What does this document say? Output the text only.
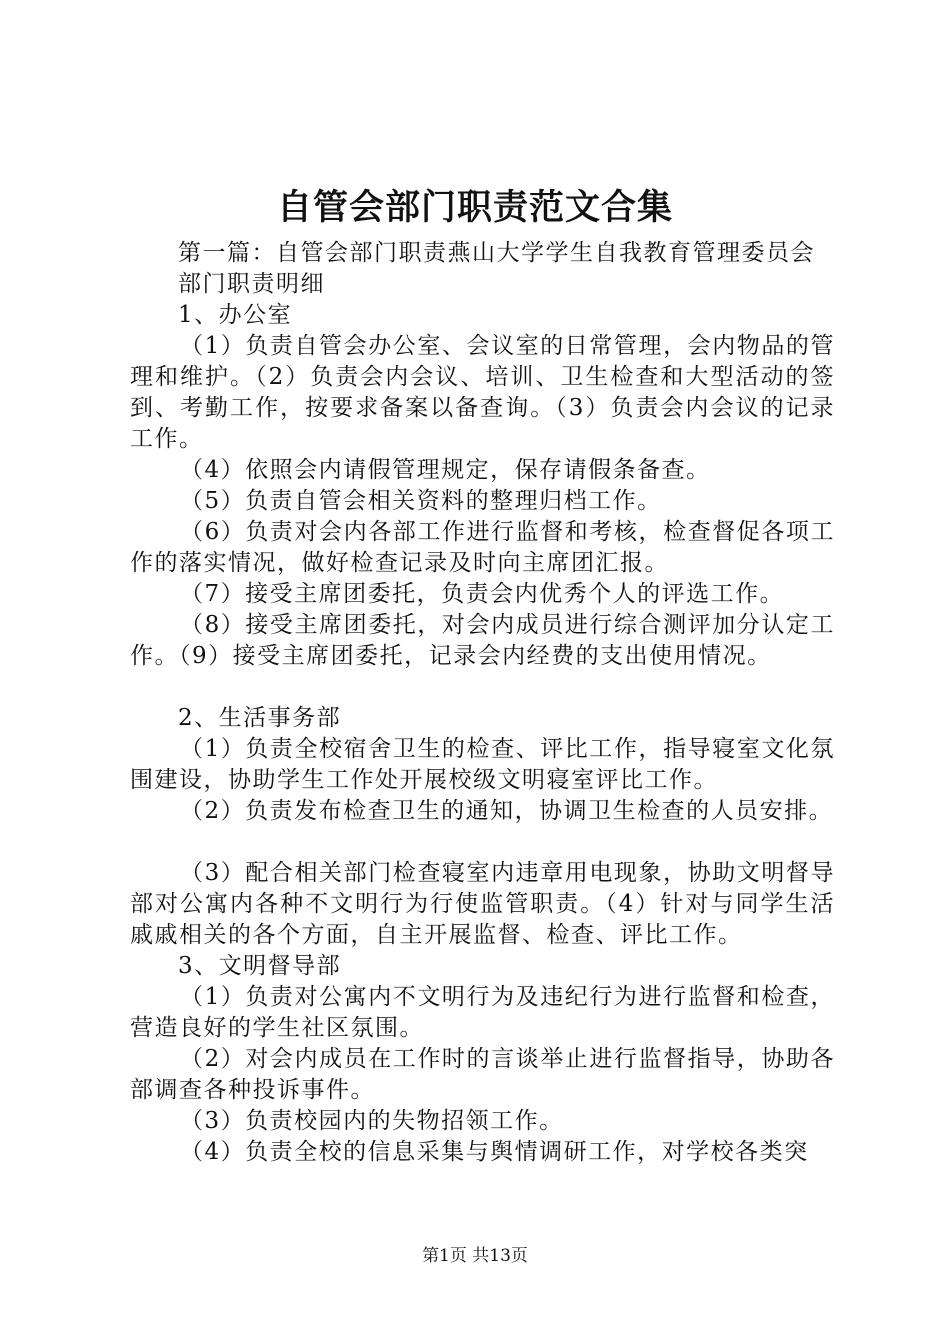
自管会部门职责范文合集

第一篇：自管会部门职责燕山大学学生自我教育管理委员会

部门职责明细

1、办公室

（1）负责自管会办公室、会议室的日常管理，会内物品的管理和维护。（2）负责会内会议、培训、卫生检查和大型活动的签到、考勤工作，按要求备案以备查询。（3）负责会内会议的记录工作。

（4）依照会内请假管理规定，保存请假条备查。

（5）负责自管会相关资料的整理归档工作。

（6）负责对会内各部工作进行监督和考核，检查督促各项工作的落实情况，做好检查记录及时向主席团汇报。

（7）接受主席团委托，负责会内优秀个人的评选工作。

（8）接受主席团委托，对会内成员进行综合测评加分认定工作。（9）接受主席团委托，记录会内经费的支出使用情况。

2、生活事务部

（1）负责全校宿舍卫生的检查、评比工作，指导寝室文化氛围建设，协助学生工作处开展校级文明寝室评比工作。

（2）负责发布检查卫生的通知，协调卫生检查的人员安排。

（3）配合相关部门检查寝室内违章用电现象，协助文明督导部对公寓内各种不文明行为行使监管职责。（4）针对与同学生活戚戚相关的各个方面，自主开展监督、检查、评比工作。

3、文明督导部

（1）负责对公寓内不文明行为及违纪行为进行监督和检查，营造良好的学生社区氛围。

（2）对会内成员在工作时的言谈举止进行监督指导，协助各部调查各种投诉事件。

（3）负责校园内的失物招领工作。

（4）负责全校的信息采集与舆情调研工作，对学校各类突

第1页 共13页
